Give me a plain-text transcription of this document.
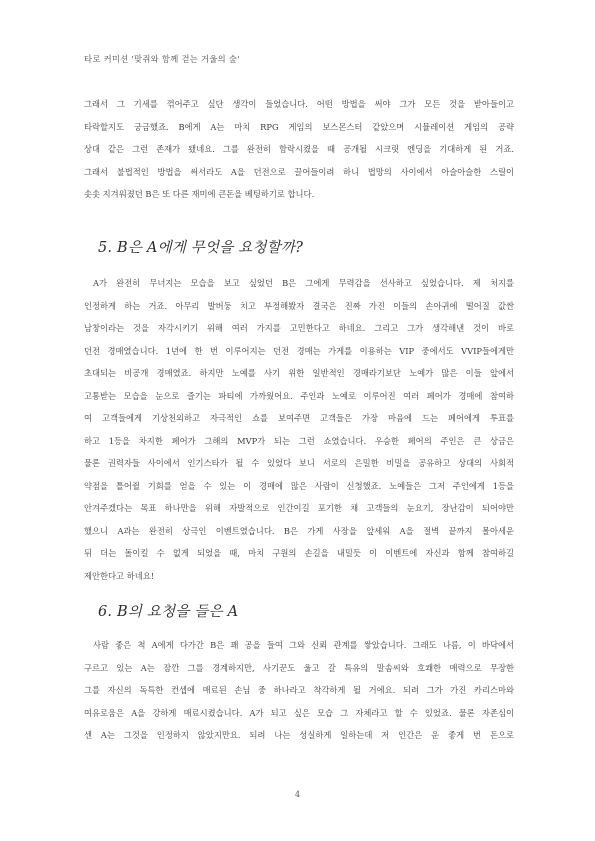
타로 커미션 '맞쥐와 함께 걷는 거울의 숲'
그래서 그 기세를 꺾어주고 싶단 생각이 들었습니다. 어떤 방법을 써야 그가 모든 것을 받아들이고
타락할지도 궁금했죠. B에게 A는 마치 RPG 게임의 보스몬스터 같았으며 시뮬레이션 게임의 공략
상대 같은 그런 존재가 됐네요. 그를 완전히 함락시켰을 때 공개될 시크릿 엔딩을 기대하게 된 거죠.
그래서 불법적인 방법을 써서라도 A을 던전으로 끌어들이려 하니 법망의 사이에서 아슬아슬한 스릴이
솟솟 지겨워졌던 B은 또 다른 재미에 큰돈을 베팅하기로 합니다.
5. B은 A에게 무엇을 요청할까?
A가 완전히 무너지는 모습을 보고 싶었던 B은 그에게 무력감을 선사하고 싶었습니다. 제 처지를
인정하게 하는 거죠. 아무리 발버둥 치고 부정해봤자 결국은 진짜 가진 이들의 손아귀에 떨어질 값싼
남창이라는 것을 자각시키기 위해 여러 가지를 고민한다고 하네요. 그리고 그가 생각해낸 것이 바로
던전 경매였습니다. 1년에 한 번 이루어지는 던전 경매는 가게를 이용하는 VIP 중에서도 VVIP들에게만
초대되는 비공개 경매였죠. 하지만 노예를 사기 위한 일반적인 경매라기보단 노예가 많은 이들 앞에서
고통받는 모습을 눈으로 즐기는 파티에 가까웠어요. 주인과 노예로 이루어진 여러 페어가 경매에 참여하
여 고객들에게 기상천외하고 자극적인 쇼를 보여주면 고객들은 가장 마음에 드는 페어에게 투표를
하고 1등을 차지한 페어가 그해의 MVP가 되는 그런 쇼였습니다. 우승한 페어의 주인은 큰 상금은
물론 권력자들 사이에서 인기스타가 될 수 있었다 보니 서로의 은밀한 비밀을 공유하고 상대의 사회적
약점을 틀어쥘 기회를 얻을 수 있는 이 경매에 많은 사람이 신청했죠. 노예들은 그저 주인에게 1등을
안겨주겠다는 목표 하나만을 위해 자발적으로 인간이길 포기한 채 고객들의 눈요기, 장난감이 되어야만
했으니 A과는 완전히 상극인 이벤트였습니다. B은 가게 사장을 앞세워 A을 절벽 끝까지 몰아세운
뒤 더는 돌이킬 수 없게 되었을 때, 마치 구원의 손길을 내밀듯 이 이벤트에 자신과 함께 참여하길
제안한다고 하네요!
6. B의 요청을 들은 A
사람 좋은 척 A에게 다가간 B은 꽤 공을 들여 그와 신뢰 관계를 쌓았습니다. 그래도 나름, 이 바닥에서
구르고 있는 A는 잠깐 그를 경계하지만, 사기꾼도 울고 갈 특유의 말솜씨와 호쾌한 매력으로 무장한
그를 자신의 독특한 컨셉에 매료된 손님 중 하나라고 착각하게 될 거에요. 되려 그가 가진 카리스마와
여유로움은 A을 강하게 매료시켰습니다. A가 되고 싶은 모습 그 자체라고 할 수 있었죠. 물론 자존심이
센 A는 그것을 인정하지 않았지만요. 되려 나는 성실하게 일하는데 저 인간은 운 좋게 번 돈으로
4
